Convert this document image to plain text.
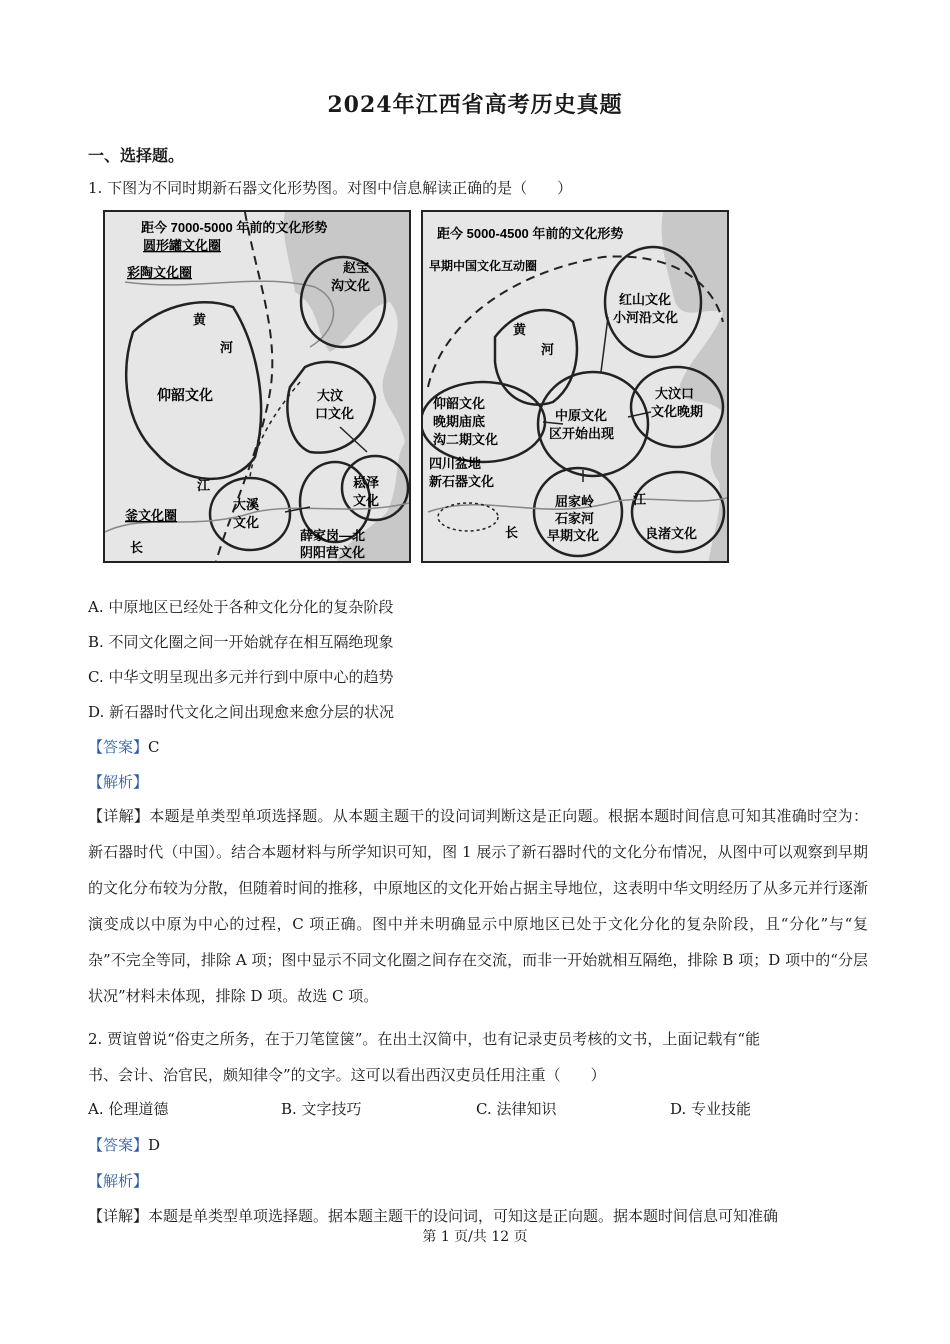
2024年江西省高考历史真题
一、选择题。
1. 下图为不同时期新石器文化形势图。对图中信息解读正确的是（　　）
距今 7000-5000 年前的文化形势
圆形罐文化圈
彩陶文化圈
黄
河
仰韶文化
赵宝
沟文化
大汶
口文化
江
大溪
文化
崧泽
文化
釜文化圈
长
薛家岗—北
阴阳营文化
距今 5000-4500 年前的文化形势
早期中国文化互动圈
红山文化
小河沿文化
黄
河
大汶口
文化晚期
仰韶文化
晚期庙底
沟二期文化
中原文化
区开始出现
四川盆地
新石器文化
江
长
屈家岭
石家河
早期文化	良渚文化
A. 中原地区已经处于各种文化分化的复杂阶段
B. 不同文化圈之间一开始就存在相互隔绝现象
C. 中华文明呈现出多元并行到中原中心的趋势
D. 新石器时代文化之间出现愈来愈分层的状况
【答案】C
【解析】
【详解】本题是单类型单项选择题。从本题主题干的设问词判断这是正向题。根据本题时间信息可知其准确时空为：新石器时代（中国）。结合本题材料与所学知识可知，图 1 展示了新石器时代的文化分布情况，从图中可以观察到早期的文化分布较为分散，但随着时间的推移，中原地区的文化开始占据主导地位，这表明中华文明经历了从多元并行逐渐演变成以中原为中心的过程，C 项正确。图中并未明确显示中原地区已处于文化分化的复杂阶段，且“分化”与“复杂”不完全等同，排除 A 项；图中显示不同文化圈之间存在交流，而非一开始就相互隔绝，排除 B 项；D 项中的“分层状况”材料未体现，排除 D 项。故选 C 项。
2. 贾谊曾说“俗吏之所务，在于刀笔筐箧”。在出土汉简中，也有记录吏员考核的文书，上面记载有“能
书、会计、治官民，颇知律令”的文字。这可以看出西汉吏员任用注重（　　）
A. 伦理道德	B. 文字技巧	C. 法律知识	D. 专业技能
【答案】D
【解析】
【详解】本题是单类型单项选择题。据本题主题干的设问词，可知这是正向题。据本题时间信息可知准确
第 1 页/共 12 页
